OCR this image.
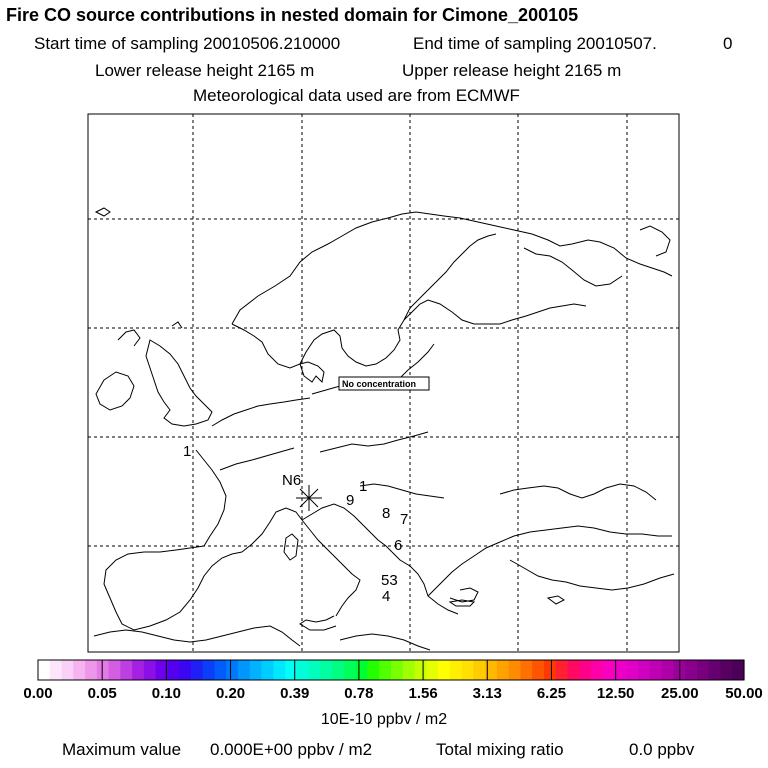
Fire CO source contributions in nested domain for Cimone_200105
Start time of sampling 20010506.210000	End time of sampling 20010507.	0
Lower release height 2165 m	Upper release height 2165 m
Meteorological data used are from ECMWF
No concentration
1
N6	1
9
8 7
6
53
4
0.00 0.05 0.10 0.20 0.39 0.78 1.56 3.13 6.25 12.50 25.00 50.00
10E-10 ppbv / m2
Maximum value 0.000E+00 ppbv / m2	Total mixing ratio	0.0 ppbv
